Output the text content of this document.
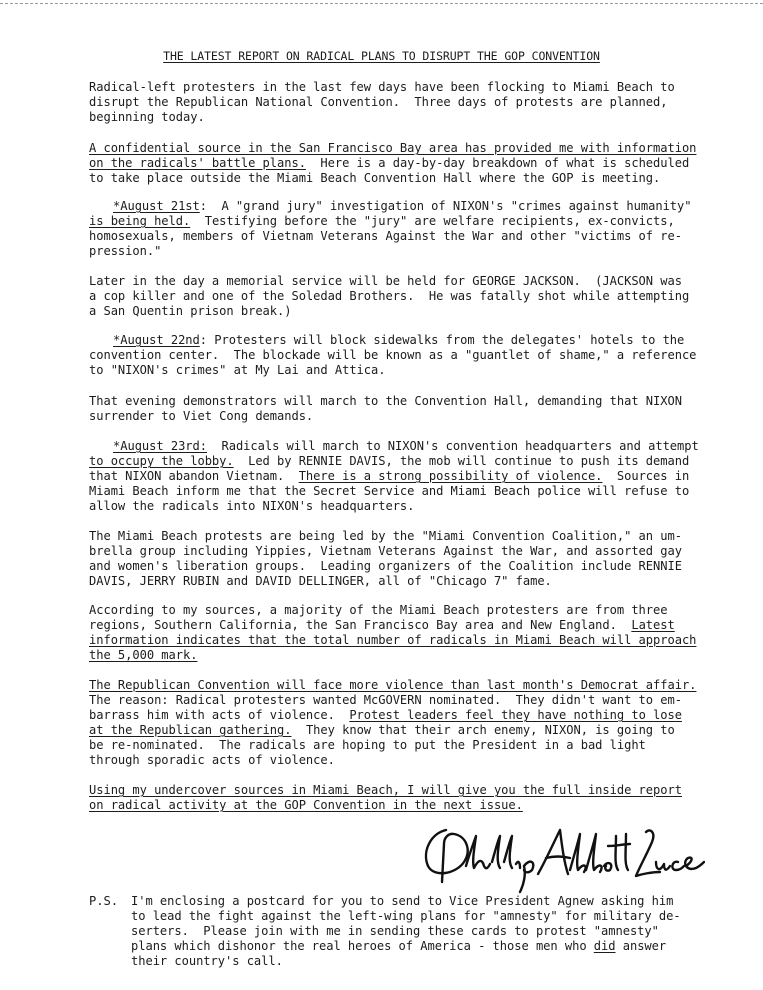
THE LATEST REPORT ON RADICAL PLANS TO DISRUPT THE GOP CONVENTION
Radical-left protesters in the last few days have been flocking to Miami Beach to
disrupt the Republican National Convention.  Three days of protests are planned,
beginning today.
A confidential source in the San Francisco Bay area has provided me with information
on the radicals' battle plans.  Here is a day-by-day breakdown of what is scheduled
to take place outside the Miami Beach Convention Hall where the GOP is meeting.
*August 21st:  A "grand jury" investigation of NIXON's "crimes against humanity"
is being held.  Testifying before the "jury" are welfare recipients, ex-convicts,
homosexuals, members of Vietnam Veterans Against the War and other "victims of re-
pression."
Later in the day a memorial service will be held for GEORGE JACKSON.  (JACKSON was
a cop killer and one of the Soledad Brothers.  He was fatally shot while attempting
a San Quentin prison break.)
*August 22nd: Protesters will block sidewalks from the delegates' hotels to the
convention center.  The blockade will be known as a "guantlet of shame," a reference
to "NIXON's crimes" at My Lai and Attica.
That evening demonstrators will march to the Convention Hall, demanding that NIXON
surrender to Viet Cong demands.
*August 23rd:  Radicals will march to NIXON's convention headquarters and attempt
to occupy the lobby.  Led by RENNIE DAVIS, the mob will continue to push its demand
that NIXON abandon Vietnam.  There is a strong possibility of violence.  Sources in
Miami Beach inform me that the Secret Service and Miami Beach police will refuse to
allow the radicals into NIXON's headquarters.
The Miami Beach protests are being led by the "Miami Convention Coalition," an um-
brella group including Yippies, Vietnam Veterans Against the War, and assorted gay
and women's liberation groups.  Leading organizers of the Coalition include RENNIE
DAVIS, JERRY RUBIN and DAVID DELLINGER, all of "Chicago 7" fame.
According to my sources, a majority of the Miami Beach protesters are from three
regions, Southern California, the San Francisco Bay area and New England.  Latest
information indicates that the total number of radicals in Miami Beach will approach
the 5,000 mark.
The Republican Convention will face more violence than last month's Democrat affair.
The reason: Radical protesters wanted McGOVERN nominated.  They didn't want to em-
barrass him with acts of violence.  Protest leaders feel they have nothing to lose
at the Republican gathering.  They know that their arch enemy, NIXON, is going to
be re-nominated.  The radicals are hoping to put the President in a bad light
through sporadic acts of violence.
Using my undercover sources in Miami Beach, I will give you the full inside report
on radical activity at the GOP Convention in the next issue.
P.S. I'm enclosing a postcard for you to send to Vice President Agnew asking him
to lead the fight against the left-wing plans for "amnesty" for military de-
serters.  Please join with me in sending these cards to protest "amnesty"
plans which dishonor the real heroes of America - those men who did answer
their country's call.
